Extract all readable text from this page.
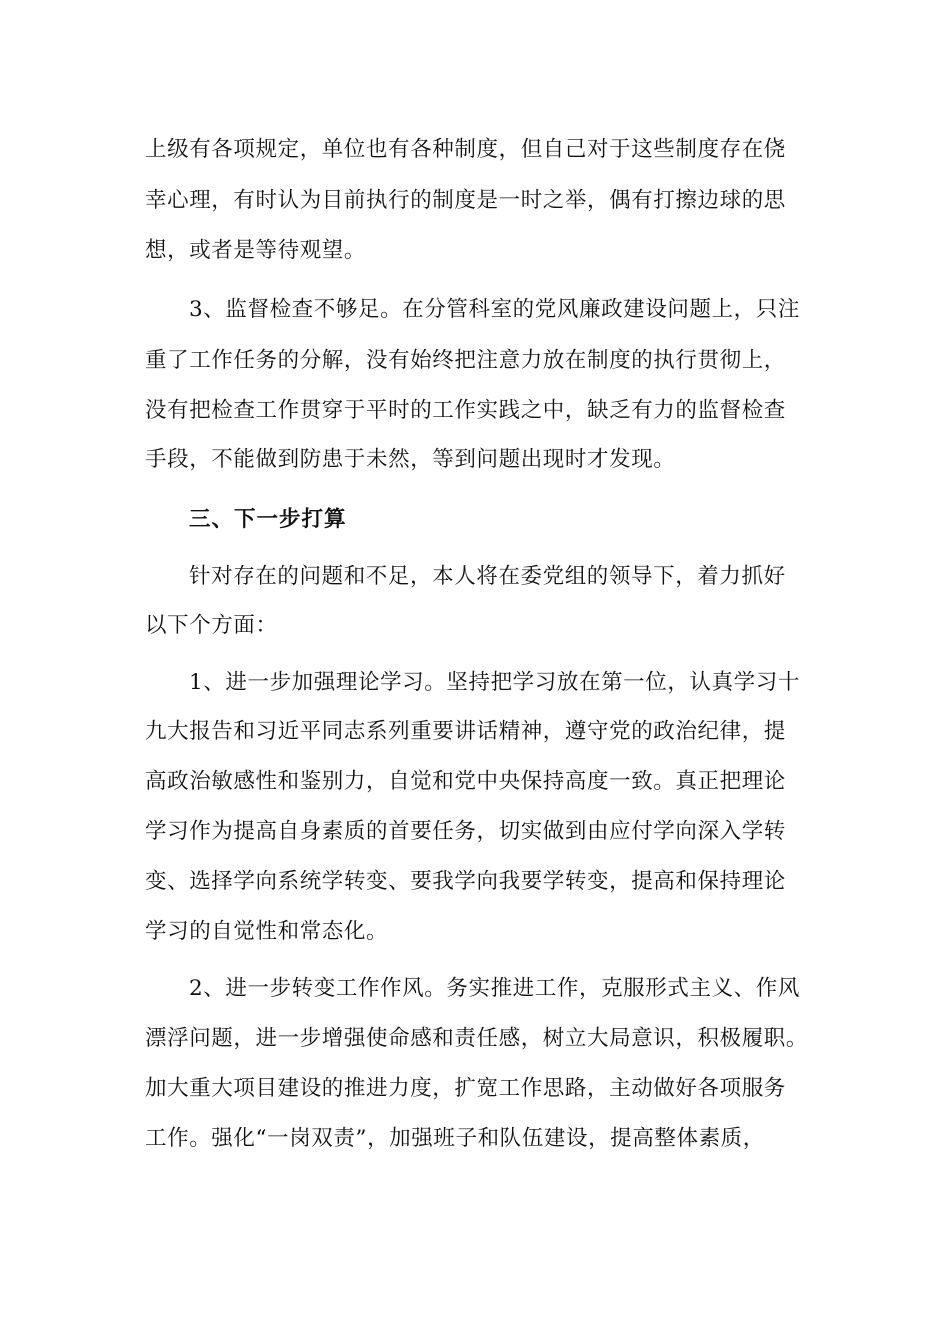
上级有各项规定，单位也有各种制度，但自己对于这些制度存在侥
幸心理，有时认为目前执行的制度是一时之举，偶有打擦边球的思
想，或者是等待观望。
3、监督检查不够足。在分管科室的党风廉政建设问题上，只注
重了工作任务的分解，没有始终把注意力放在制度的执行贯彻上，
没有把检查工作贯穿于平时的工作实践之中，缺乏有力的监督检查
手段，不能做到防患于未然，等到问题出现时才发现。
三、下一步打算
针对存在的问题和不足，本人将在委党组的领导下，着力抓好
以下个方面：
1、进一步加强理论学习。坚持把学习放在第一位，认真学习十
九大报告和习近平同志系列重要讲话精神，遵守党的政治纪律，提
高政治敏感性和鉴别力，自觉和党中央保持高度一致。真正把理论
学习作为提高自身素质的首要任务，切实做到由应付学向深入学转
变、选择学向系统学转变、要我学向我要学转变，提高和保持理论
学习的自觉性和常态化。
2、进一步转变工作作风。务实推进工作，克服形式主义、作风
漂浮问题，进一步增强使命感和责任感，树立大局意识，积极履职。
加大重大项目建设的推进力度，扩宽工作思路，主动做好各项服务
工作。强化“一岗双责”，加强班子和队伍建设，提高整体素质，
